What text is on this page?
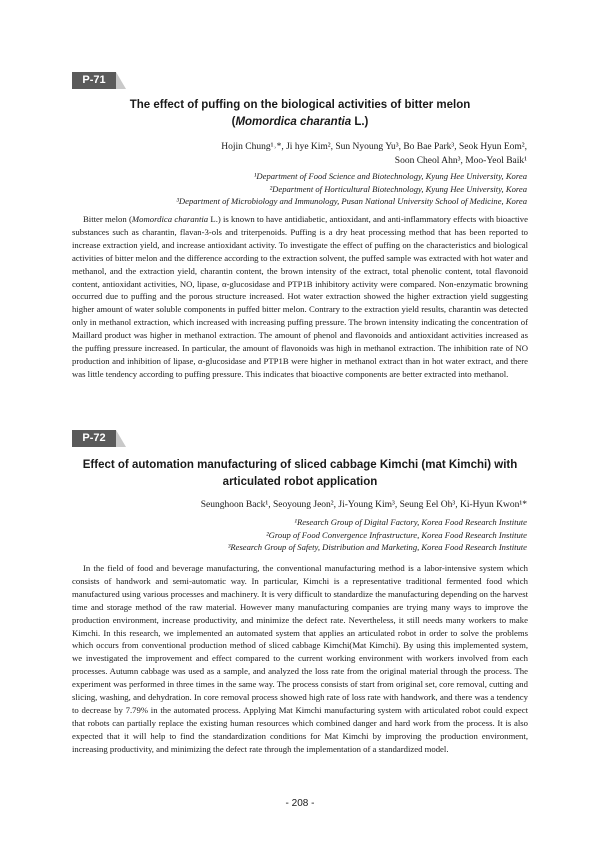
P-71
The effect of puffing on the biological activities of bitter melon
(Momordica charantia L.)
Hojin Chung¹˒*, Ji hye Kim², Sun Nyoung Yu³, Bo Bae Park³, Seok Hyun Eom²,
Soon Cheol Ahn³, Moo-Yeol Baik¹
¹Department of Food Science and Biotechnology, Kyung Hee University, Korea
²Department of Horticultural Biotechnology, Kyung Hee University, Korea
³Department of Microbiology and Immunology, Pusan National University School of Medicine, Korea

Bitter melon (Momordica charantia L.) is known to have antidiabetic, antioxidant, and anti-inflammatory effects with bioactive substances such as charantin, flavan-3-ols and triterpenoids. Puffing is a dry heat processing method that has been reported to increase extraction yield, and increase antioxidant activity. To investigate the effect of puffing on the characteristics and biological activities of bitter melon and the difference according to the extraction solvent, the puffed sample was extracted with hot water and methanol, and the extraction yield, charantin content, the brown intensity of the extract, total phenolic content, total flavonoid content, antioxidant activities, NO, lipase, α-glucosidase and PTP1B inhibitory activity were compared. Non-enzymatic browning occurred due to puffing and the porous structure increased. Hot water extraction showed the higher extraction yield suggesting higher amount of water soluble components in puffed bitter melon. Contrary to the extraction yield results, charantin was detected only in methanol extraction, which increased with increasing puffing pressure. The brown intensity indicating the concentration of Maillard product was higher in methanol extraction. The amount of phenol and flavonoids and antioxidant activities increased as the puffing pressure increased. In particular, the amount of flavonoids was high in methanol extraction. The inhibition rate of NO production and inhibition of lipase, α-glucosidase and PTP1B were higher in methanol extract than in hot water extract, and there was little tendency according to puffing pressure. This indicates that bioactive components are better extracted into methanol.

P-72
Effect of automation manufacturing of sliced cabbage Kimchi (mat Kimchi) with
articulated robot application
Seunghoon Back¹, Seoyoung Jeon², Ji-Young Kim³, Seung Eel Oh³, Ki-Hyun Kwon¹*
¹Research Group of Digital Factory, Korea Food Research Institute
²Group of Food Convergence Infrastructure, Korea Food Research Institute
³Research Group of Safety, Distribution and Marketing, Korea Food Research Institute

In the field of food and beverage manufacturing, the conventional manufacturing method is a labor-intensive system which consists of handwork and semi-automatic way. In particular, Kimchi is a representative traditional fermented food which manufactured using various processes and machinery. It is very difficult to standardize the manufacturing depending on the harvest time and storage method of the raw material. However many manufacturing companies are trying many ways to improve the production environment, increase productivity, and minimize the defect rate. Nevertheless, it still needs many workers to make Kimchi. In this research, we implemented an automated system that applies an articulated robot in order to solve the problems which occurs from conventional production method of sliced cabbage Kimchi(Mat Kimchi). By using this implemented system, we investigated the improvement and effect compared to the current working environment with workers involved from each processes. Autumn cabbage was used as a sample, and analyzed the loss rate from the original material through the process. The experiment was performed in three times in the same way. The process consists of start from original set, core removal, cutting and slicing, washing, and dehydration. In core removal process showed high rate of loss rate with handwork, and there was a tendency to decrease by 7.79% in the automated process. Applying Mat Kimchi manufacturing system with articulated robot could expect that robots can partially replace the existing human resources which combined danger and hard work from the process. It is also expected that it will help to find the standardization conditions for Mat Kimchi by improving the production environment, increasing productivity, and minimizing the defect rate through the implementation of a standardized model.

- 208 -
